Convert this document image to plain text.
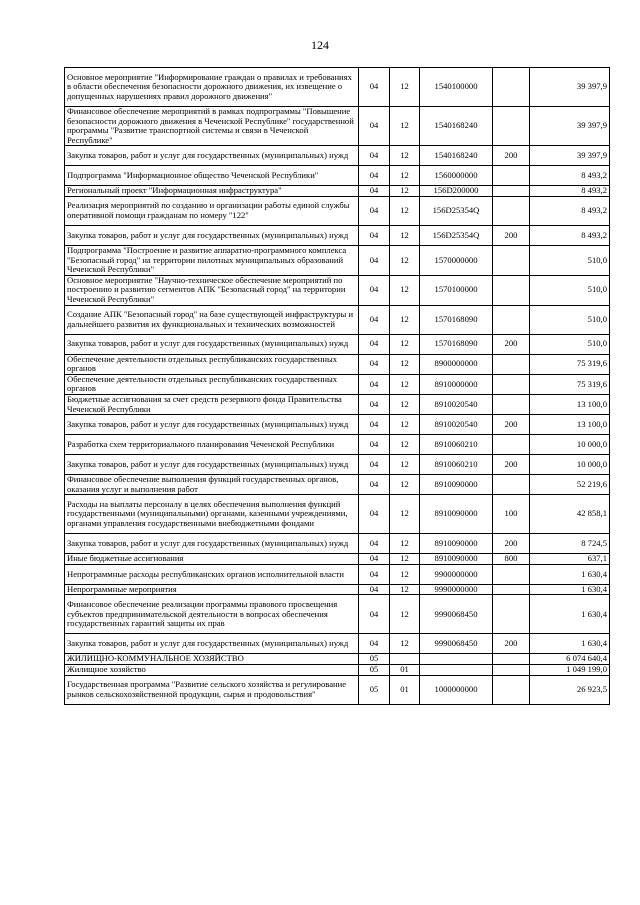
124
Основное мероприятие "Информирование граждан о правилах и требованиях в области обеспечения безопасности дорожного движения, их извещение о допущенных нарушениях правил дорожного движения"	04	12	1540100000		39 397,9
Финансовое обеспечение мероприятий в рамках подпрограммы "Повышение безопасности дорожного движения в Чеченской Республике" государственной программы "Развитие транспортной системы и связи в Чеченской Республике"	04	12	1540168240		39 397,9
Закупка товаров, работ и услуг для государственных (муниципальных) нужд	04	12	1540168240	200	39 397,9
Подпрограмма "Информационное общество Чеченской Республики"	04	12	1560000000		8 493,2
Региональный проект "Информационная инфраструктура"	04	12	156D200000		8 493,2
Реализация мероприятий по созданию и организации работы единой службы оперативной помощи гражданам по номеру "122"	04	12	156D25354Q		8 493,2
Закупка товаров, работ и услуг для государственных (муниципальных) нужд	04	12	156D25354Q	200	8 493,2
Подпрограмма "Построение и развитие аппаратно-программного комплекса "Безопасный город" на территории пилотных муниципальных образований Чеченской Республики"	04	12	1570000000		510,0
Основное мероприятие "Научно-техническое обеспечение мероприятий по построению и развитию сегментов АПК "Безопасный город" на территории Чеченской Республики"	04	12	1570100000		510,0
Создание АПК "Безопасный город" на базе существующей инфраструктуры и дальнейшего развития их функциональных и технических возможностей	04	12	1570168090		510,0
Закупка товаров, работ и услуг для государственных (муниципальных) нужд	04	12	1570168090	200	510,0
Обеспечение деятельности отдельных республиканских государственных органов	04	12	8900000000		75 319,6
Обеспечение деятельности отдельных республиканских государственных органов	04	12	8910000000		75 319,6
Бюджетные ассигнования за счет средств резервного фонда Правительства Чеченской Республики	04	12	8910020540		13 100,0
Закупка товаров, работ и услуг для государственных (муниципальных) нужд	04	12	8910020540	200	13 100,0
Разработка схем территориального планирования Чеченской Республики	04	12	8910060210		10 000,0
Закупка товаров, работ и услуг для государственных (муниципальных) нужд	04	12	8910060210	200	10 000,0
Финансовое обеспечение выполнения функций государственных органов, оказания услуг и выполнения работ	04	12	8910090000		52 219,6
Расходы на выплаты персоналу в целях обеспечения выполнения функций государственными (муниципальными) органами, казенными учреждениями, органами управления государственными внебюджетными фондами	04	12	8910090000	100	42 858,1
Закупка товаров, работ и услуг для государственных (муниципальных) нужд	04	12	8910090000	200	8 724,5
Иные бюджетные ассигнования	04	12	8910090000	800	637,1
Непрограммные расходы республиканских органов исполнительной власти	04	12	9900000000		1 630,4
Непрограммные мероприятия	04	12	9990000000		1 630,4
Финансовое обеспечение реализации программы правового просвещения субъектов предпринимательской деятельности в вопросах обеспечения государственных гарантий защиты их прав	04	12	9990068450		1 630,4
Закупка товаров, работ и услуг для государственных (муниципальных) нужд	04	12	9990068450	200	1 630,4
ЖИЛИЩНО-КОММУНАЛЬНОЕ ХОЗЯЙСТВО	05				6 074 640,4
Жилищное хозяйство	05	01			1 049 199,0
Государственная программа "Развитие сельского хозяйства и регулирование рынков сельскохозяйственной продукции, сырья и продовольствия"	05	01	1000000000		26 923,5
